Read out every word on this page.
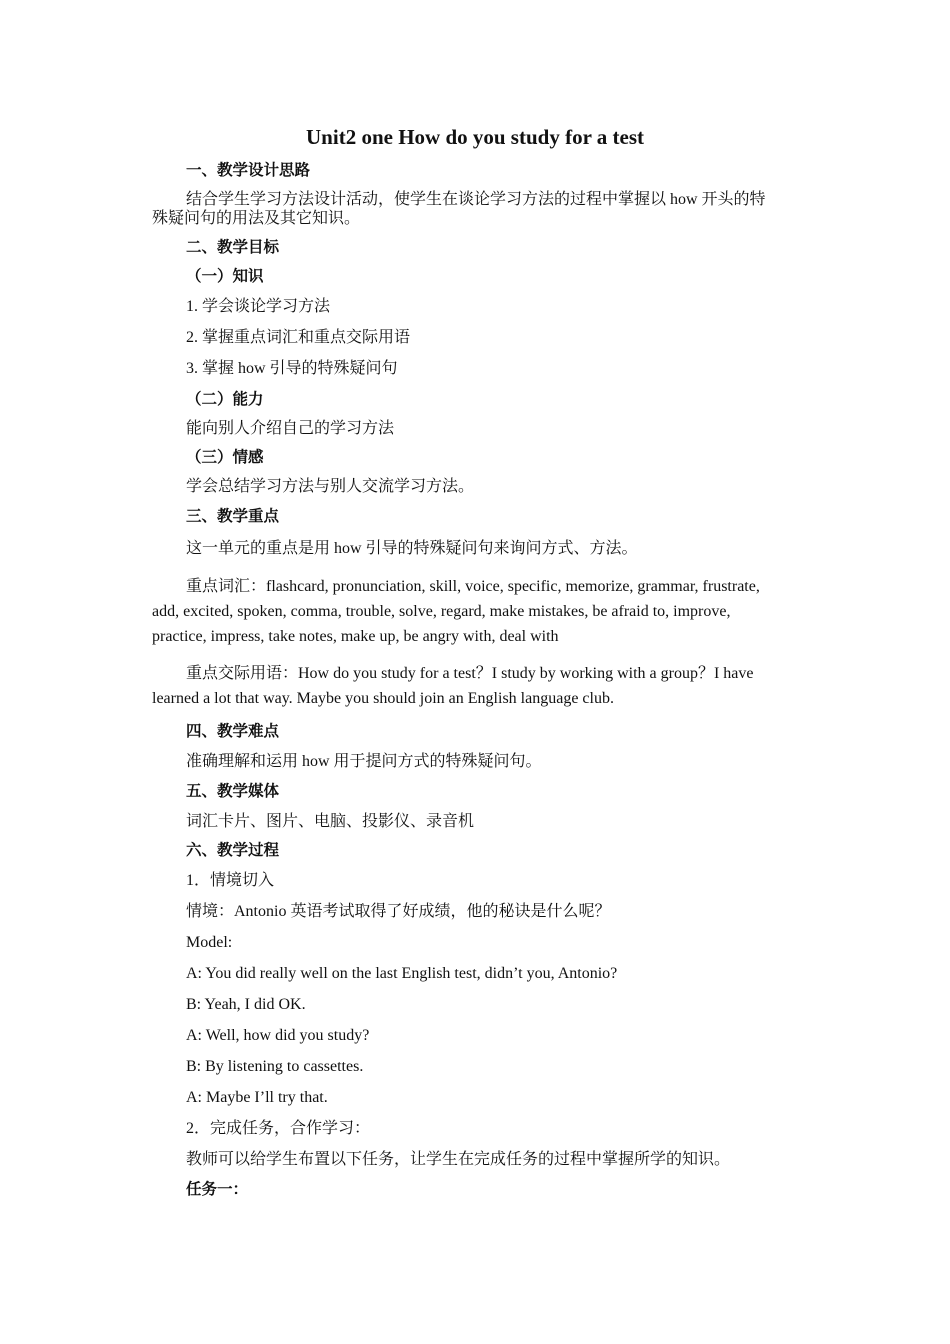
Unit2 one How do you study for a test
一、教学设计思路
结合学生学习方法设计活动，使学生在谈论学习方法的过程中掌握以 how 开头的特
殊疑问句的用法及其它知识。
二、教学目标
（一）知识
1. 学会谈论学习方法
2. 掌握重点词汇和重点交际用语
3. 掌握 how 引导的特殊疑问句
（二）能力
能向别人介绍自己的学习方法
（三）情感
学会总结学习方法与别人交流学习方法。
三、教学重点
这一单元的重点是用 how 引导的特殊疑问句来询问方式、方法。
重点词汇：flashcard, pronunciation, skill, voice, specific, memorize, grammar, frustrate,
add, excited, spoken, comma, trouble, solve, regard, make mistakes, be afraid to, improve,
practice, impress, take notes, make up, be angry with, deal with
重点交际用语：How do you study for a test？I study by working with a group？I have
learned a lot that way. Maybe you should join an English language club.
四、教学难点
准确理解和运用 how 用于提问方式的特殊疑问句。
五、教学媒体
词汇卡片、图片、电脑、投影仪、录音机
六、教学过程
1．情境切入
情境：Antonio 英语考试取得了好成绩，他的秘诀是什么呢？
Model:
A: You did really well on the last English test, didn’t you, Antonio?
B: Yeah, I did OK.
A: Well, how did you study?
B: By listening to cassettes.
A: Maybe I’ll try that.
2．完成任务，合作学习：
教师可以给学生布置以下任务，让学生在完成任务的过程中掌握所学的知识。
任务一：
